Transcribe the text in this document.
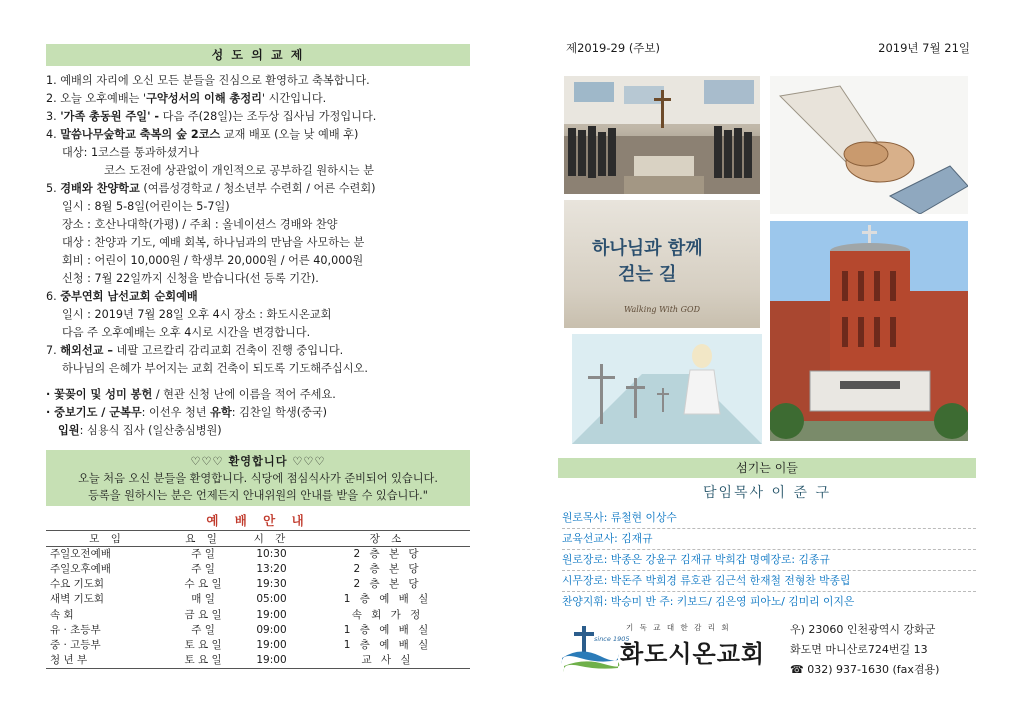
성 도 의 교 제
1. 예배의 자리에 오신 모든 분들을 진심으로 환영하고 축복합니다.
2. 오늘 오후예배는 '구약성서의 이해 총정리' 시간입니다.
3. '가족 총동원 주일' - 다음 주(28일)는 조두상 집사님 가정입니다.
4. 말씀나무숲학교 축복의 숲 2코스 교재 배포 (오늘 낮 예배 후)
대상: 1코스를 통과하셨거나
코스 도전에 상관없이 개인적으로 공부하길 원하시는 분
5. 경배와 찬양학교 (여름성경학교 / 청소년부 수련회 / 어른 수련회)
일시 : 8월 5-8일(어린이는 5-7일)
장소 : 호산나대학(가평) / 주최 : 올네이션스 경배와 찬양
대상 : 찬양과 기도, 예배 회복, 하나님과의 만남을 사모하는 분
회비 : 어린이 10,000원 / 학생부 20,000원 / 어른 40,000원
신청 : 7월 22일까지 신청을 받습니다(선 등록 기간).
6. 중부연회 남선교회 순회예배
일시 : 2019년 7월 28일 오후 4시 장소 : 화도시온교회
다음 주 오후예배는 오후 4시로 시간을 변경합니다.
7. 해외선교 – 네팔 고르칼리 감리교회 건축이 진행 중입니다.
하나님의 은혜가 부어지는 교회 건축이 되도록 기도해주십시오.
· 꽃꽂이 및 성미 봉헌 / 현관 신청 난에 이름을 적어 주세요.
· 중보기도 / 군복무: 이선우 청년 유학: 김찬일 학생(중국)
입원: 심용식 집사 (일산충심병원)
♡♡♡ 환영합니다 ♡♡♡
오늘 처음 오신 분들을 환영합니다. 식당에 점심식사가 준비되어 있습니다.
등록을 원하시는 분은 언제든지 안내위원의 안내를 받을 수 있습니다."
예 배 안 내
모 임	요 일	시 간	장 소
주일오전예배	주 일	10:30	2 층 본 당
주일오후예배	주 일	13:20	2 층 본 당
수요 기도회	수 요 일	19:30	2 층 본 당
새벽 기도회	매 일	05:00	1 층 예 배 실
속 회	금 요 일	19:00	속 회 가 정
유 · 초등부	주 일	09:00	1 층 예 배 실
중 · 고등부	토 요 일	19:00	1 층 예 배 실
청 년 부	토 요 일	19:00	교 사 실
제2019-29 (주보)	2019년 7월 21일
하나님과 함께
걷는 길
Walking With GOD
섬기는 이들
담임목사 이 준 구
원로목사: 류철현 이상수
교육선교사: 김재규
원로장로: 박종은 강윤구 김재규 박희갑 명예장로: 김종규
시무장로: 박돈주 박희경 류호관 김근석 한재철 전형찬 박종립
찬양지휘: 박승미 반 주: 키보드/ 김은영 피아노/ 김미리 이지은
기 독 교 대 한 감 리 회
since 1905
화도시온교회
우) 23060 인천광역시 강화군
화도면 마니산로724번길 13
☎ 032) 937-1630 (fax겸용)
